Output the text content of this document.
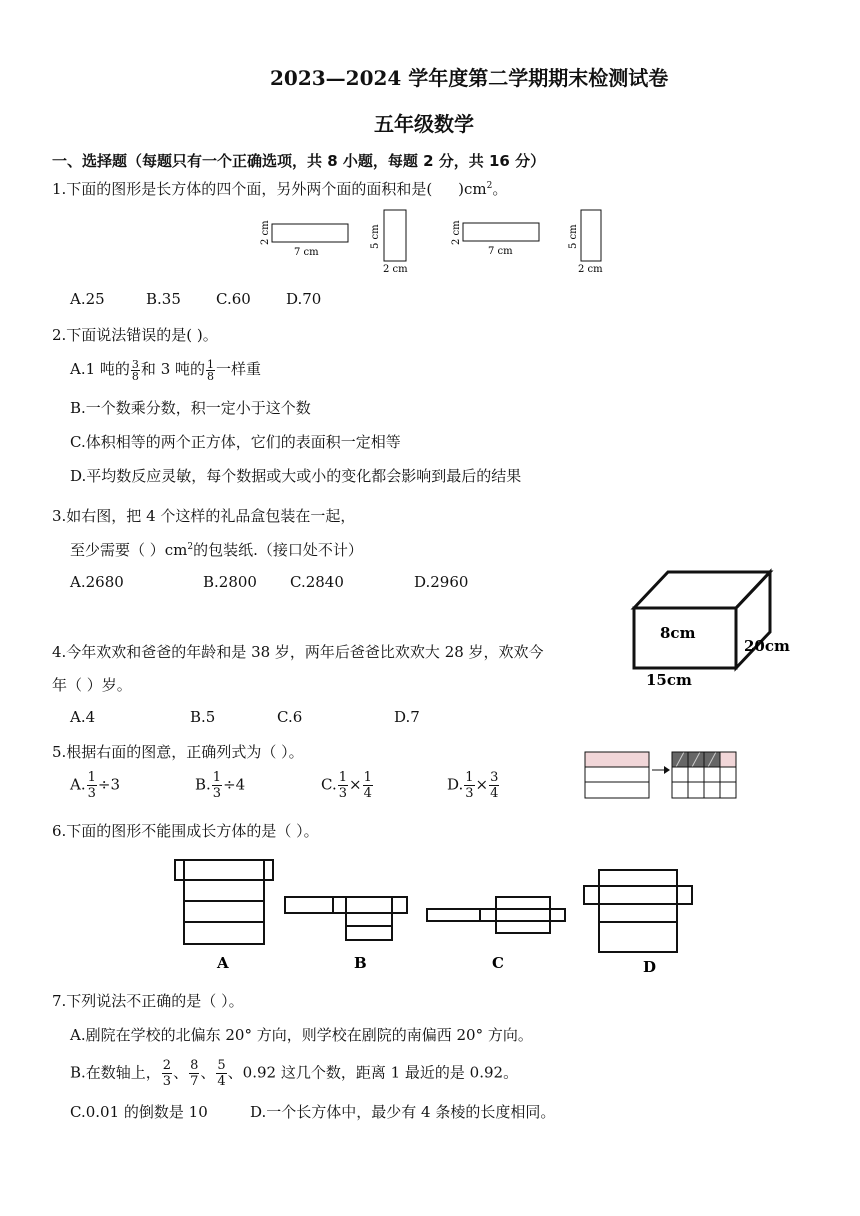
2023—2024 学年度第二学期期末检测试卷
五年级数学
一、选择题（每题只有一个正确选项，共 8 小题，每题 2 分，共 16 分）
1.下面的图形是长方体的四个面，另外两个面的面积和是( )$cm^2$。
7 cm
2 cm
2 cm
5 cm
7 cm
2 cm
2 cm
5 cm
A.25	B.35 C.60 D.70
2.下面说法错误的是( )。
A.1 吨的 $\frac{3}{8}$ 和 3 吨的 $\frac{1}{8}$ 一样重
B.一个数乘分数，积一定小于这个数
C.体积相等的两个正方体，它们的表面积一定相等
D.平均数反应灵敏，每个数据或大或小的变化都会影响到最后的结果
3.如右图，把 4 个这样的礼品盒包装在一起，
至少需要（ ）$cm^2$的包装纸.（接口处不计）
A.2680	B.2800 C.2840	D.2960
8cm
20cm
15cm
4.今年欢欢和爸爸的年龄和是 38 岁，两年后爸爸比欢欢大 28 岁，欢欢今
年（ ）岁。
A.4	B.5	C.6	D.7
5.根据右面的图意，正确列式为（ ）。
A. $\frac{1}{3} \div 3$	B. $\frac{1}{3} \div 4$	C. $\frac{1}{3} \times \frac{1}{4}$	D. $\frac{1}{3} \times \frac{3}{4}$
6.下面的图形不能围成长方体的是（ ）。
A	B	C	D
7.下列说法不正确的是（ ）。
A.剧院在学校的北偏东 20° 方向，则学校在剧院的南偏西 20° 方向。
B.在数轴上， $\frac{2}{3}$ 、 $\frac{8}{7}$ 、 $\frac{5}{4}$ 、0.92 这几个数，距离 1 最近的是 0.92。
C.0.01 的倒数是 10	D.一个长方体中，最少有 4 条棱的长度相同。
